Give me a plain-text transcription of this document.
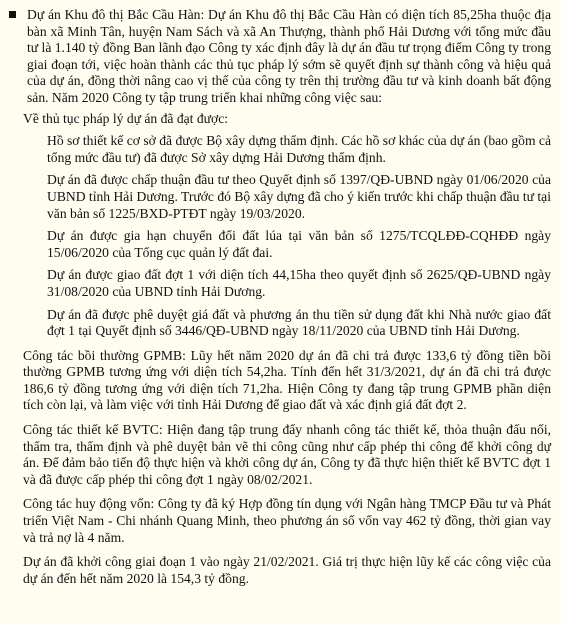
Dự án Khu đô thị Bắc Cầu Hàn: Dự án Khu đô thị Bắc Cầu Hàn có diện tích 85,25ha thuộc địa bàn xã Minh Tân, huyện Nam Sách và xã An Thượng, thành phố Hải Dương với tổng mức đầu tư là 1.140 tỷ đồng Ban lãnh đạo Công ty xác định đây là dự án đầu tư trọng điểm Công ty trong giai đoạn tới, việc hoàn thành các thủ tục pháp lý sớm sẽ quyết định sự thành công và hiệu quả của dự án, đồng thời nâng cao vị thế của công ty trên thị trường đầu tư và kinh doanh bất động sản. Năm 2020 Công ty tập trung triển khai những công việc sau:

Về thủ tục pháp lý dự án đã đạt được:

Hồ sơ thiết kế cơ sở đã được Bộ xây dựng thẩm định. Các hồ sơ khác của dự án (bao gồm cả tổng mức đầu tư) đã được Sở xây dựng Hải Dương thẩm định.

Dự án đã được chấp thuận đầu tư theo Quyết định số 1397/QĐ-UBND ngày 01/06/2020 của UBND tỉnh Hải Dương. Trước đó Bộ xây dựng đã cho ý kiến trước khi chấp thuận đầu tư tại văn bản số 1225/BXD-PTĐT ngày 19/03/2020.

Dự án được gia hạn chuyển đổi đất lúa tại văn bản số 1275/TCQLĐĐ-CQHĐĐ ngày 15/06/2020 của Tổng cục quản lý đất đai.

Dự án được giao đất đợt 1 với diện tích 44,15ha theo quyết định số 2625/QĐ-UBND ngày 31/08/2020 của UBND tỉnh Hải Dương.

Dự án đã được phê duyệt giá đất và phương án thu tiền sử dụng đất khi Nhà nước giao đất đợt 1 tại Quyết định số 3446/QĐ-UBND ngày 18/11/2020 của UBND tỉnh Hải Dương.

Công tác bồi thường GPMB: Lũy hết năm 2020 dự án đã chi trả được 133,6 tỷ đồng tiền bồi thường GPMB tương ứng với diện tích 54,2ha. Tính đến hết 31/3/2021, dự án đã chi trả được 186,6 tỷ đồng tương ứng với diện tích 71,2ha. Hiện Công ty đang tập trung GPMB phần diện tích còn lại, và làm việc với tỉnh Hải Dương để giao đất và xác định giá đất đợt 2.

Công tác thiết kế BVTC: Hiện đang tập trung đẩy nhanh công tác thiết kế, thỏa thuận đấu nối, thẩm tra, thẩm định và phê duyệt bản vẽ thi công cũng như cấp phép thi công để khởi công dự án. Để đảm bảo tiến độ thực hiện và khởi công dự án, Công ty đã thực hiện thiết kế BVTC đợt 1 và đã được cấp phép thi công đợt 1 ngày 08/02/2021.

Công tác huy động vốn: Công ty đã ký Hợp đồng tín dụng với Ngân hàng TMCP Đầu tư và Phát triển Việt Nam - Chi nhánh Quang Minh, theo phương án số vốn vay 462 tỷ đồng, thời gian vay và trả nợ là 4 năm.

Dự án đã khởi công giai đoạn 1 vào ngày 21/02/2021. Giá trị thực hiện lũy kế các công việc của dự án đến hết năm 2020 là 154,3 tỷ đồng.
